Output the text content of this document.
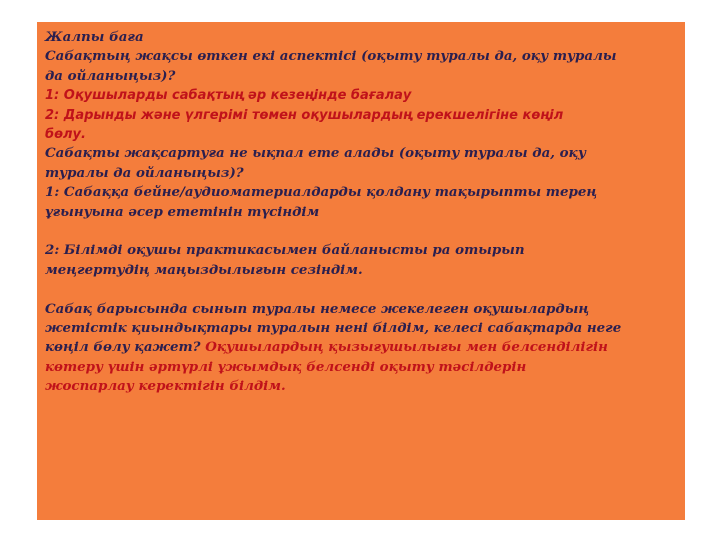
Жалпы баға

Сабақтың жақсы өткен екі аспектісі (оқыту туралы да, оқу туралы
да ойланыңыз)?

1: Оқушыларды сабақтың әр кезеңінде бағалау

2: Дарынды және үлгерімі төмен оқушылардың ерекшелігіне көңіл
бөлу.

Сабақты жақсартуға не ықпал ете алады (оқыту туралы да, оқу
туралы да ойланыңыз)?

1: Сабаққа бейне/аудиоматериалдарды қолдану тақырыпты терең
ұғынуына әсер ететінін түсіндім

2: Білімді оқушы практикасымен байланысты ра отырып
меңгертудің маңыздылығын сезіндім.

Сабақ барысында сынып туралы немесе жекелеген оқушылардың
жетістік қиындықтары туралын нені білдім, келесі сабақтарда неге
көңіл бөлу қажет? Оқушылардың қызығушылығы мен белсенділігін
көтеру үшін әртүрлі ұжымдық белсенді оқыту тәсілдерін
жоспарлау керектігін білдім.
